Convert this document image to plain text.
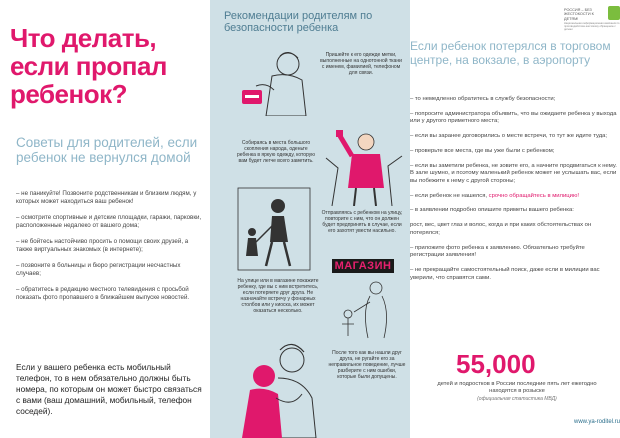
Что делать, если пропал ребенок?
Советы для родителей, если ребенок не вернулся домой
– не паникуйте! Позвоните родственникам и близким людям, у которых может находиться ваш ребенок!
– осмотрите спортивные и детские площадки, гаражи, парковки, расположенные недалеко от вашего дома;
– не бойтесь настойчиво просить о помощи своих друзей, а также виртуальных знакомых (в интернете);
– позвоните в больницы и бюро регистрации несчастных случаев;
– обратитесь в редакцию местного телевидения с просьбой показать фото пропавшего в ближайшем выпуске новостей.
Если у вашего ребенка есть мобильный телефон, то в нем обязательно должны быть номера, по которым он может быстро связаться с вами (ваш домашний, мобильный, телефон соседей).
Рекомендации родителям по безопасности ребенка
Пришейте к его одежде метки, выполненные на однотонной ткани с именем, фамилией, телефоном для связи.
Собираясь в места большого скопления народа, оденьте ребенка в яркую одежду, которую вам будет легче всего заметить.
Отправляясь с ребенком на улицу, повторите с ним, что он должен будет предпринять в случае, если его захотят увести насильно.
МАГАЗИН
На улице или в магазине покажите ребенку, где вы с ним встретитесь, если потеряете друг друга. Не назначайте встречу у фонарных столбов или у киоска, их может оказаться несколько.
После того как вы нашли друг друга, не ругайте его за неправильное поведение, лучше разберите с ним ошибки, которые были допущены.
РОССИЯ – БЕЗ ЖЕСТОКОСТИ К ДЕТЯМ!
Национальная информационная кампания по противодействию жестокому обращению с детьми
Если ребенок потерялся в торговом центре, на вокзале, в аэропорту
– то немедленно обратитесь в службу безопасности;
– попросите администратора объявить, что вы ожидаете ребенка у выхода или у другого приметного места;
– если вы заранее договорились о месте встречи, то тут же идите туда;
– проверьте все места, где вы уже были с ребенком;
– если вы заметили ребенка, не зовите его, а начните продвигаться к нему. В зале шумно, и поэтому маленький ребенок может не услышать вас, если вы побежите к нему с другой стороны;
– если ребенок не нашелся, срочно обращайтесь в милицию!
– в заявлении подробно опишите приметы вашего ребенка:
рост, вес, цвет глаз и волос, когда и при каких обстоятельствах он потерялся;
– приложите фото ребенка к заявлению. Обязательно требуйте регистрации заявления!
– не прекращайте самостоятельный поиск, даже если в милиции вас уверили, что справятся сами.
55,000
детей и подростков в России последние пять лет ежегодно находятся в розыске
(официальная статистика МВД)
www.ya-roditel.ru
